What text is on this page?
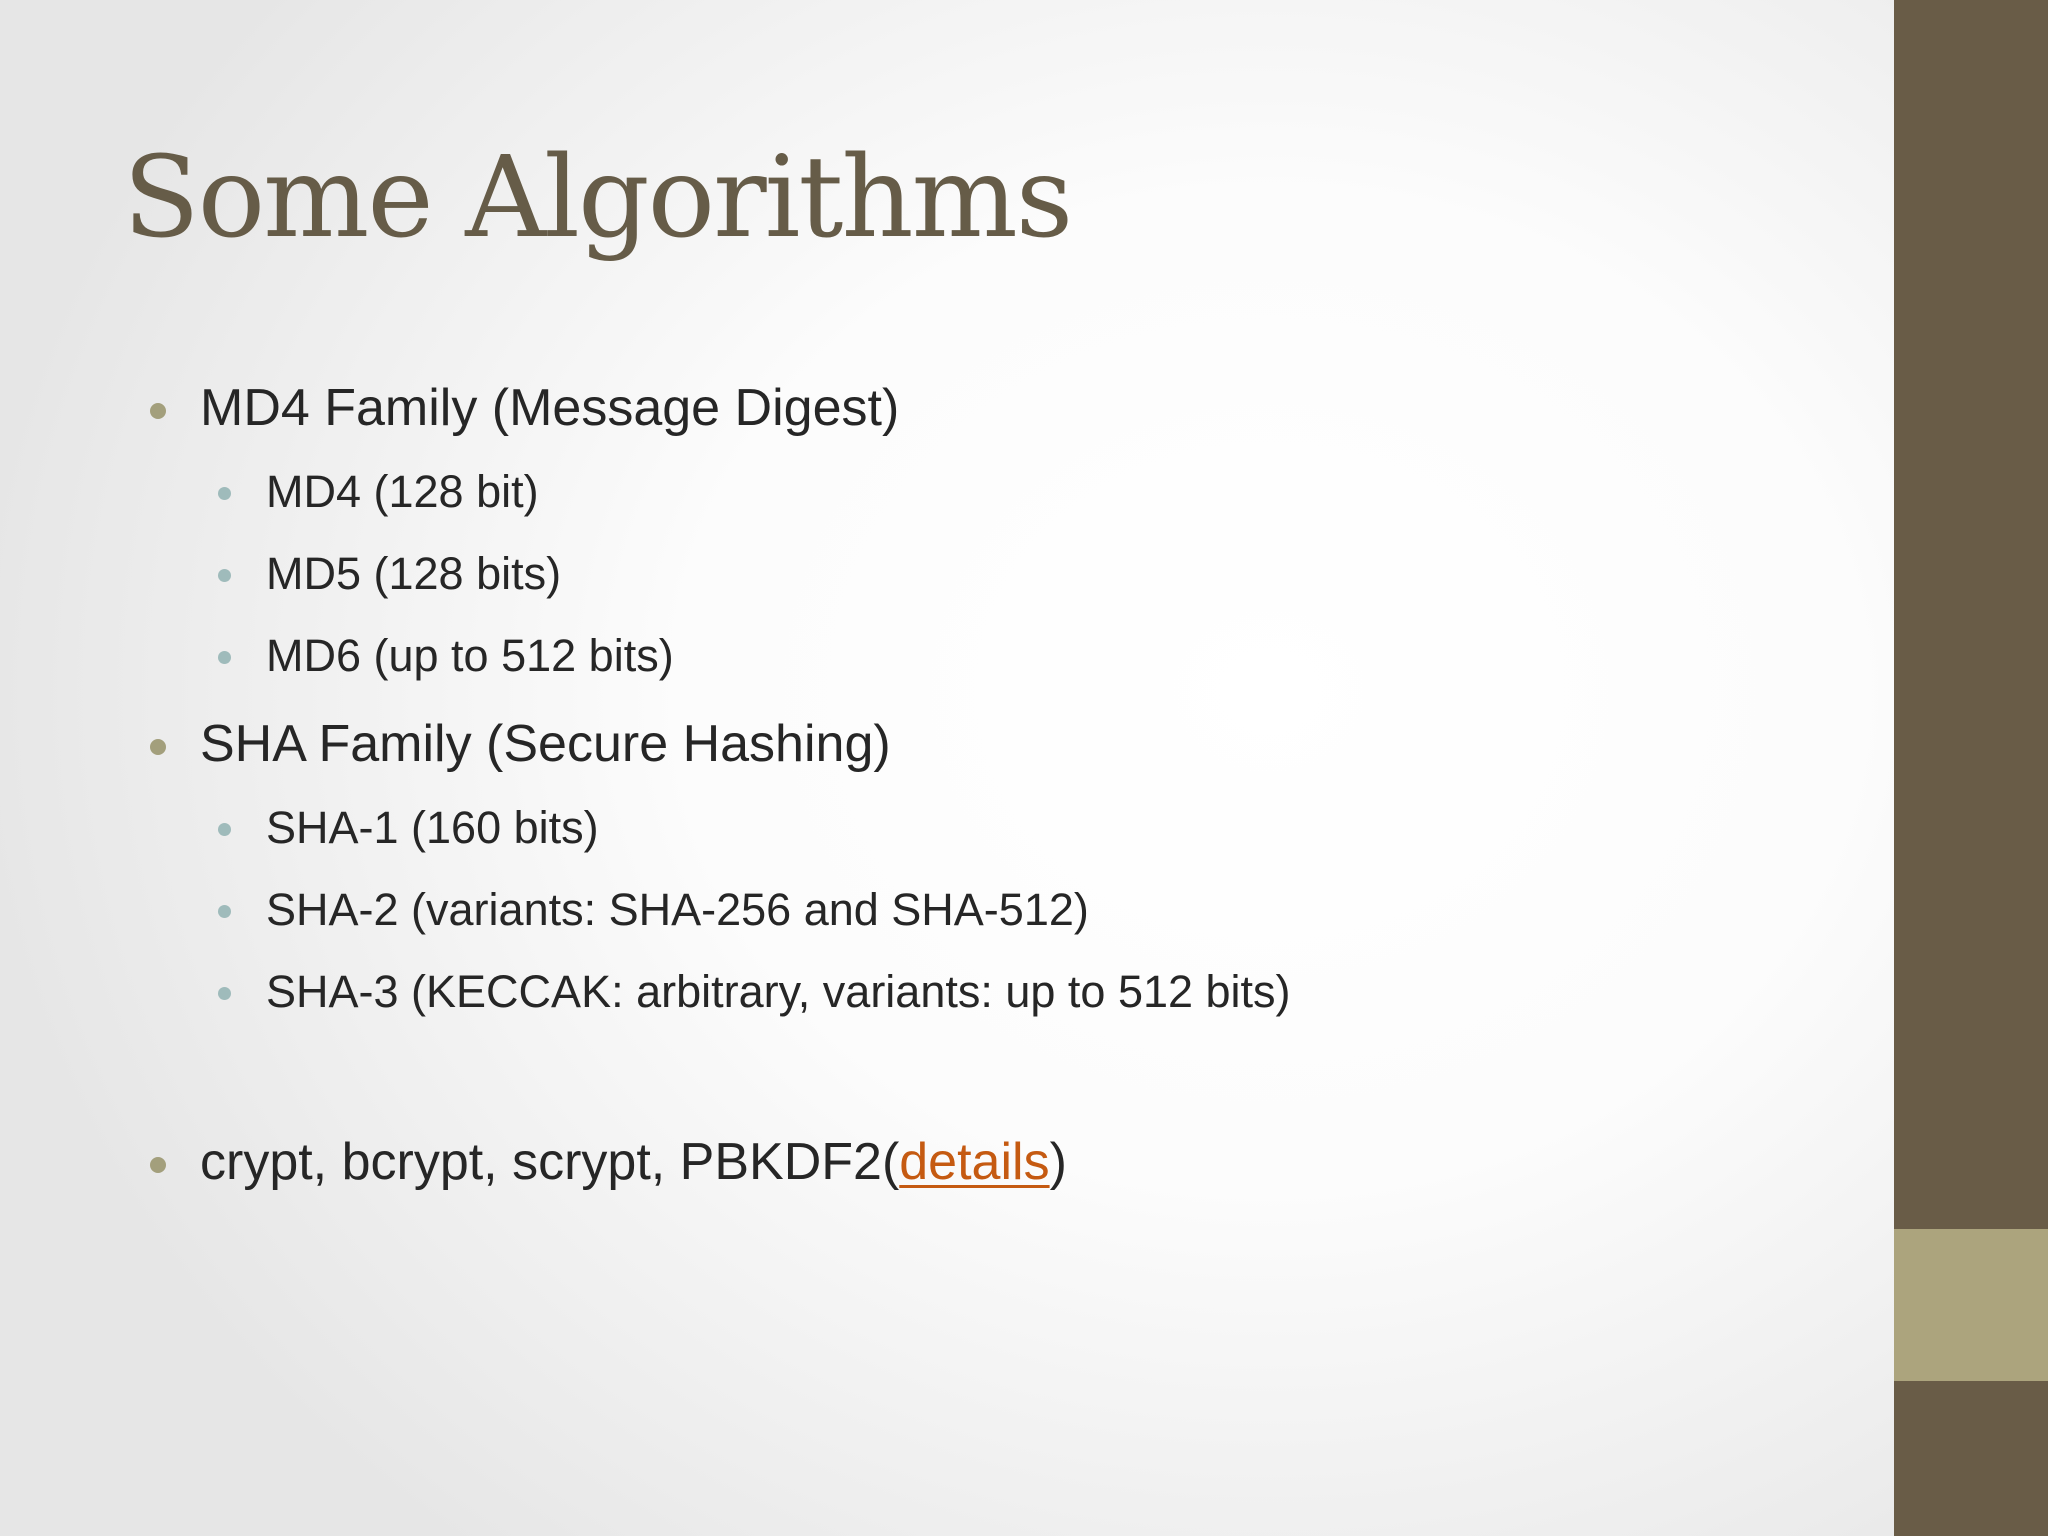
Some Algorithms
MD4 Family (Message Digest)
MD4 (128 bit)
MD5 (128 bits)
MD6 (up to 512 bits)
SHA Family (Secure Hashing)
SHA-1 (160 bits)
SHA-2 (variants: SHA-256 and SHA-512)
SHA-3 (KECCAK: arbitrary, variants: up to 512 bits)
crypt, bcrypt, scrypt, PBKDF2(details)
